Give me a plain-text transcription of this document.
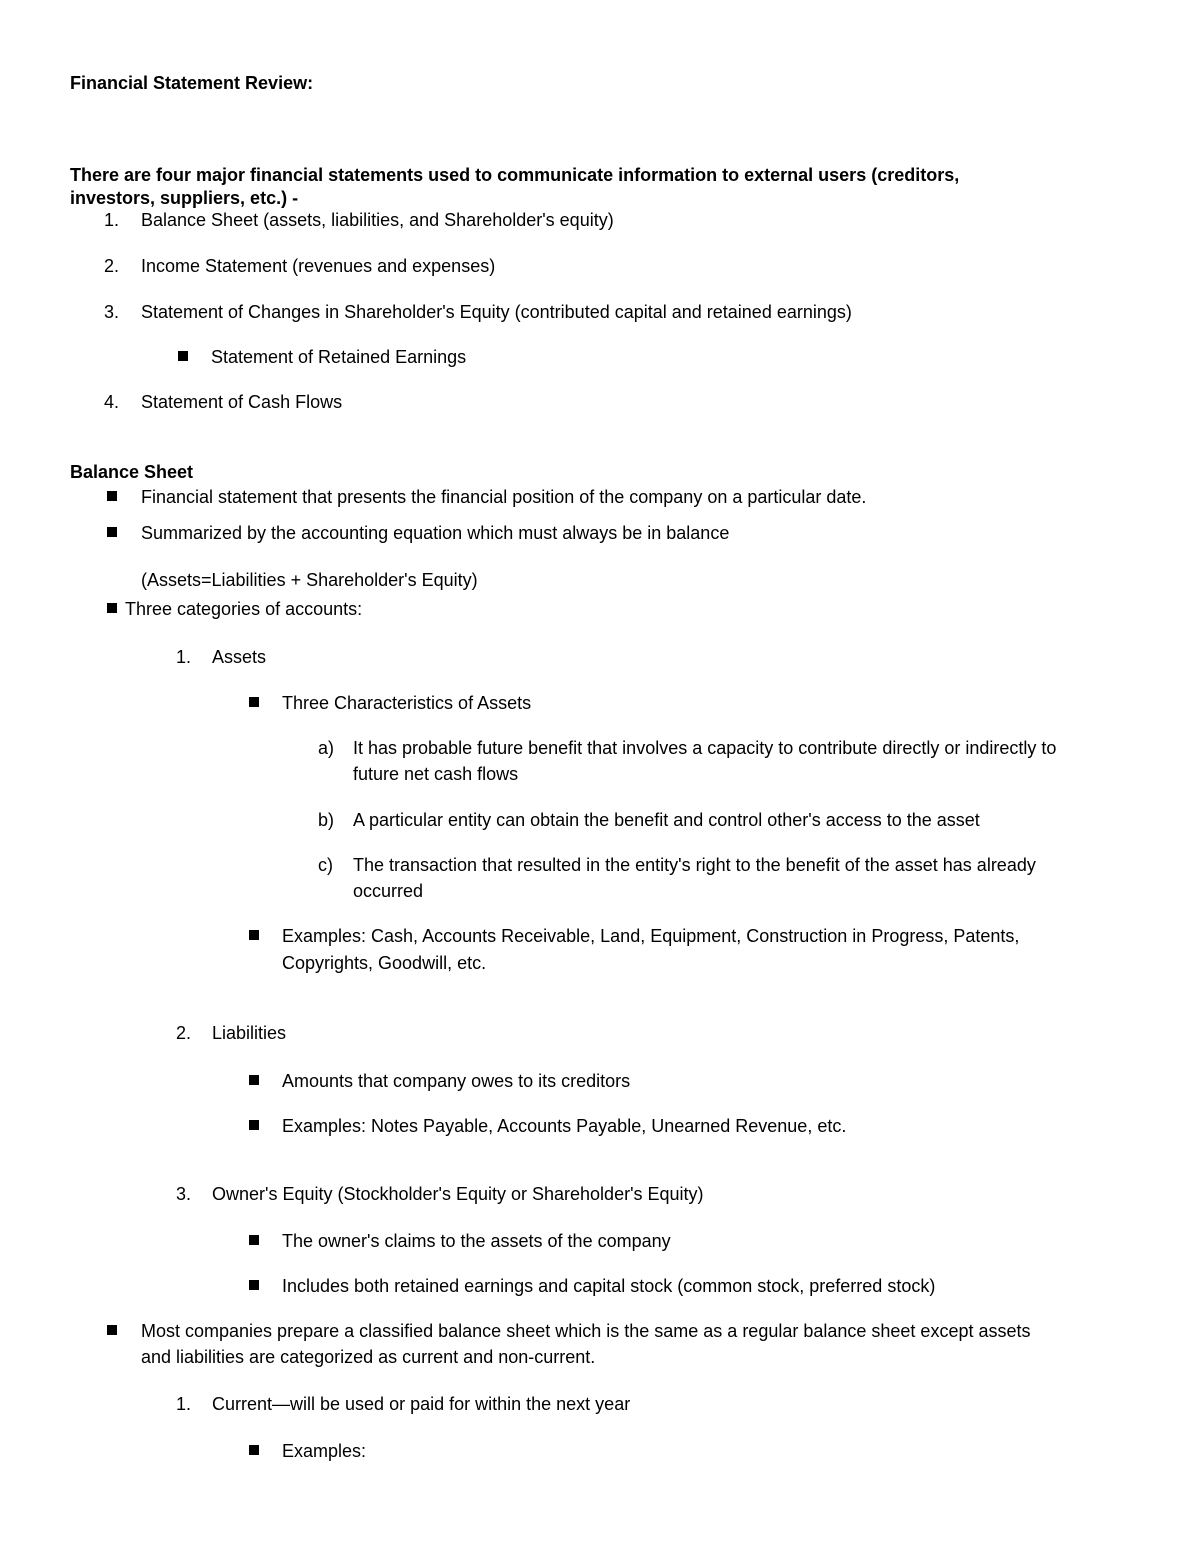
Financial Statement Review:
There are four major financial statements used to communicate information to external users (creditors,
investors, suppliers, etc.) -
1. Balance Sheet (assets, liabilities, and Shareholder's equity)
2. Income Statement (revenues and expenses)
3. Statement of Changes in Shareholder's Equity (contributed capital and retained earnings)
Statement of Retained Earnings
4. Statement of Cash Flows
Balance Sheet
Financial statement that presents the financial position of the company on a particular date.
Summarized by the accounting equation which must always be in balance
(Assets=Liabilities + Shareholder's Equity)
Three categories of accounts:
1. Assets
Three Characteristics of Assets
a) It has probable future benefit that involves a capacity to contribute directly or indirectly to
future net cash flows
b) A particular entity can obtain the benefit and control other's access to the asset
c) The transaction that resulted in the entity's right to the benefit of the asset has already
occurred
Examples: Cash, Accounts Receivable, Land, Equipment, Construction in Progress, Patents,
Copyrights, Goodwill, etc.
2. Liabilities
Amounts that company owes to its creditors
Examples: Notes Payable, Accounts Payable, Unearned Revenue, etc.
3. Owner's Equity (Stockholder's Equity or Shareholder's Equity)
The owner's claims to the assets of the company
Includes both retained earnings and capital stock (common stock, preferred stock)
Most companies prepare a classified balance sheet which is the same as a regular balance sheet except assets
and liabilities are categorized as current and non-current.
1. Current—will be used or paid for within the next year
Examples:
